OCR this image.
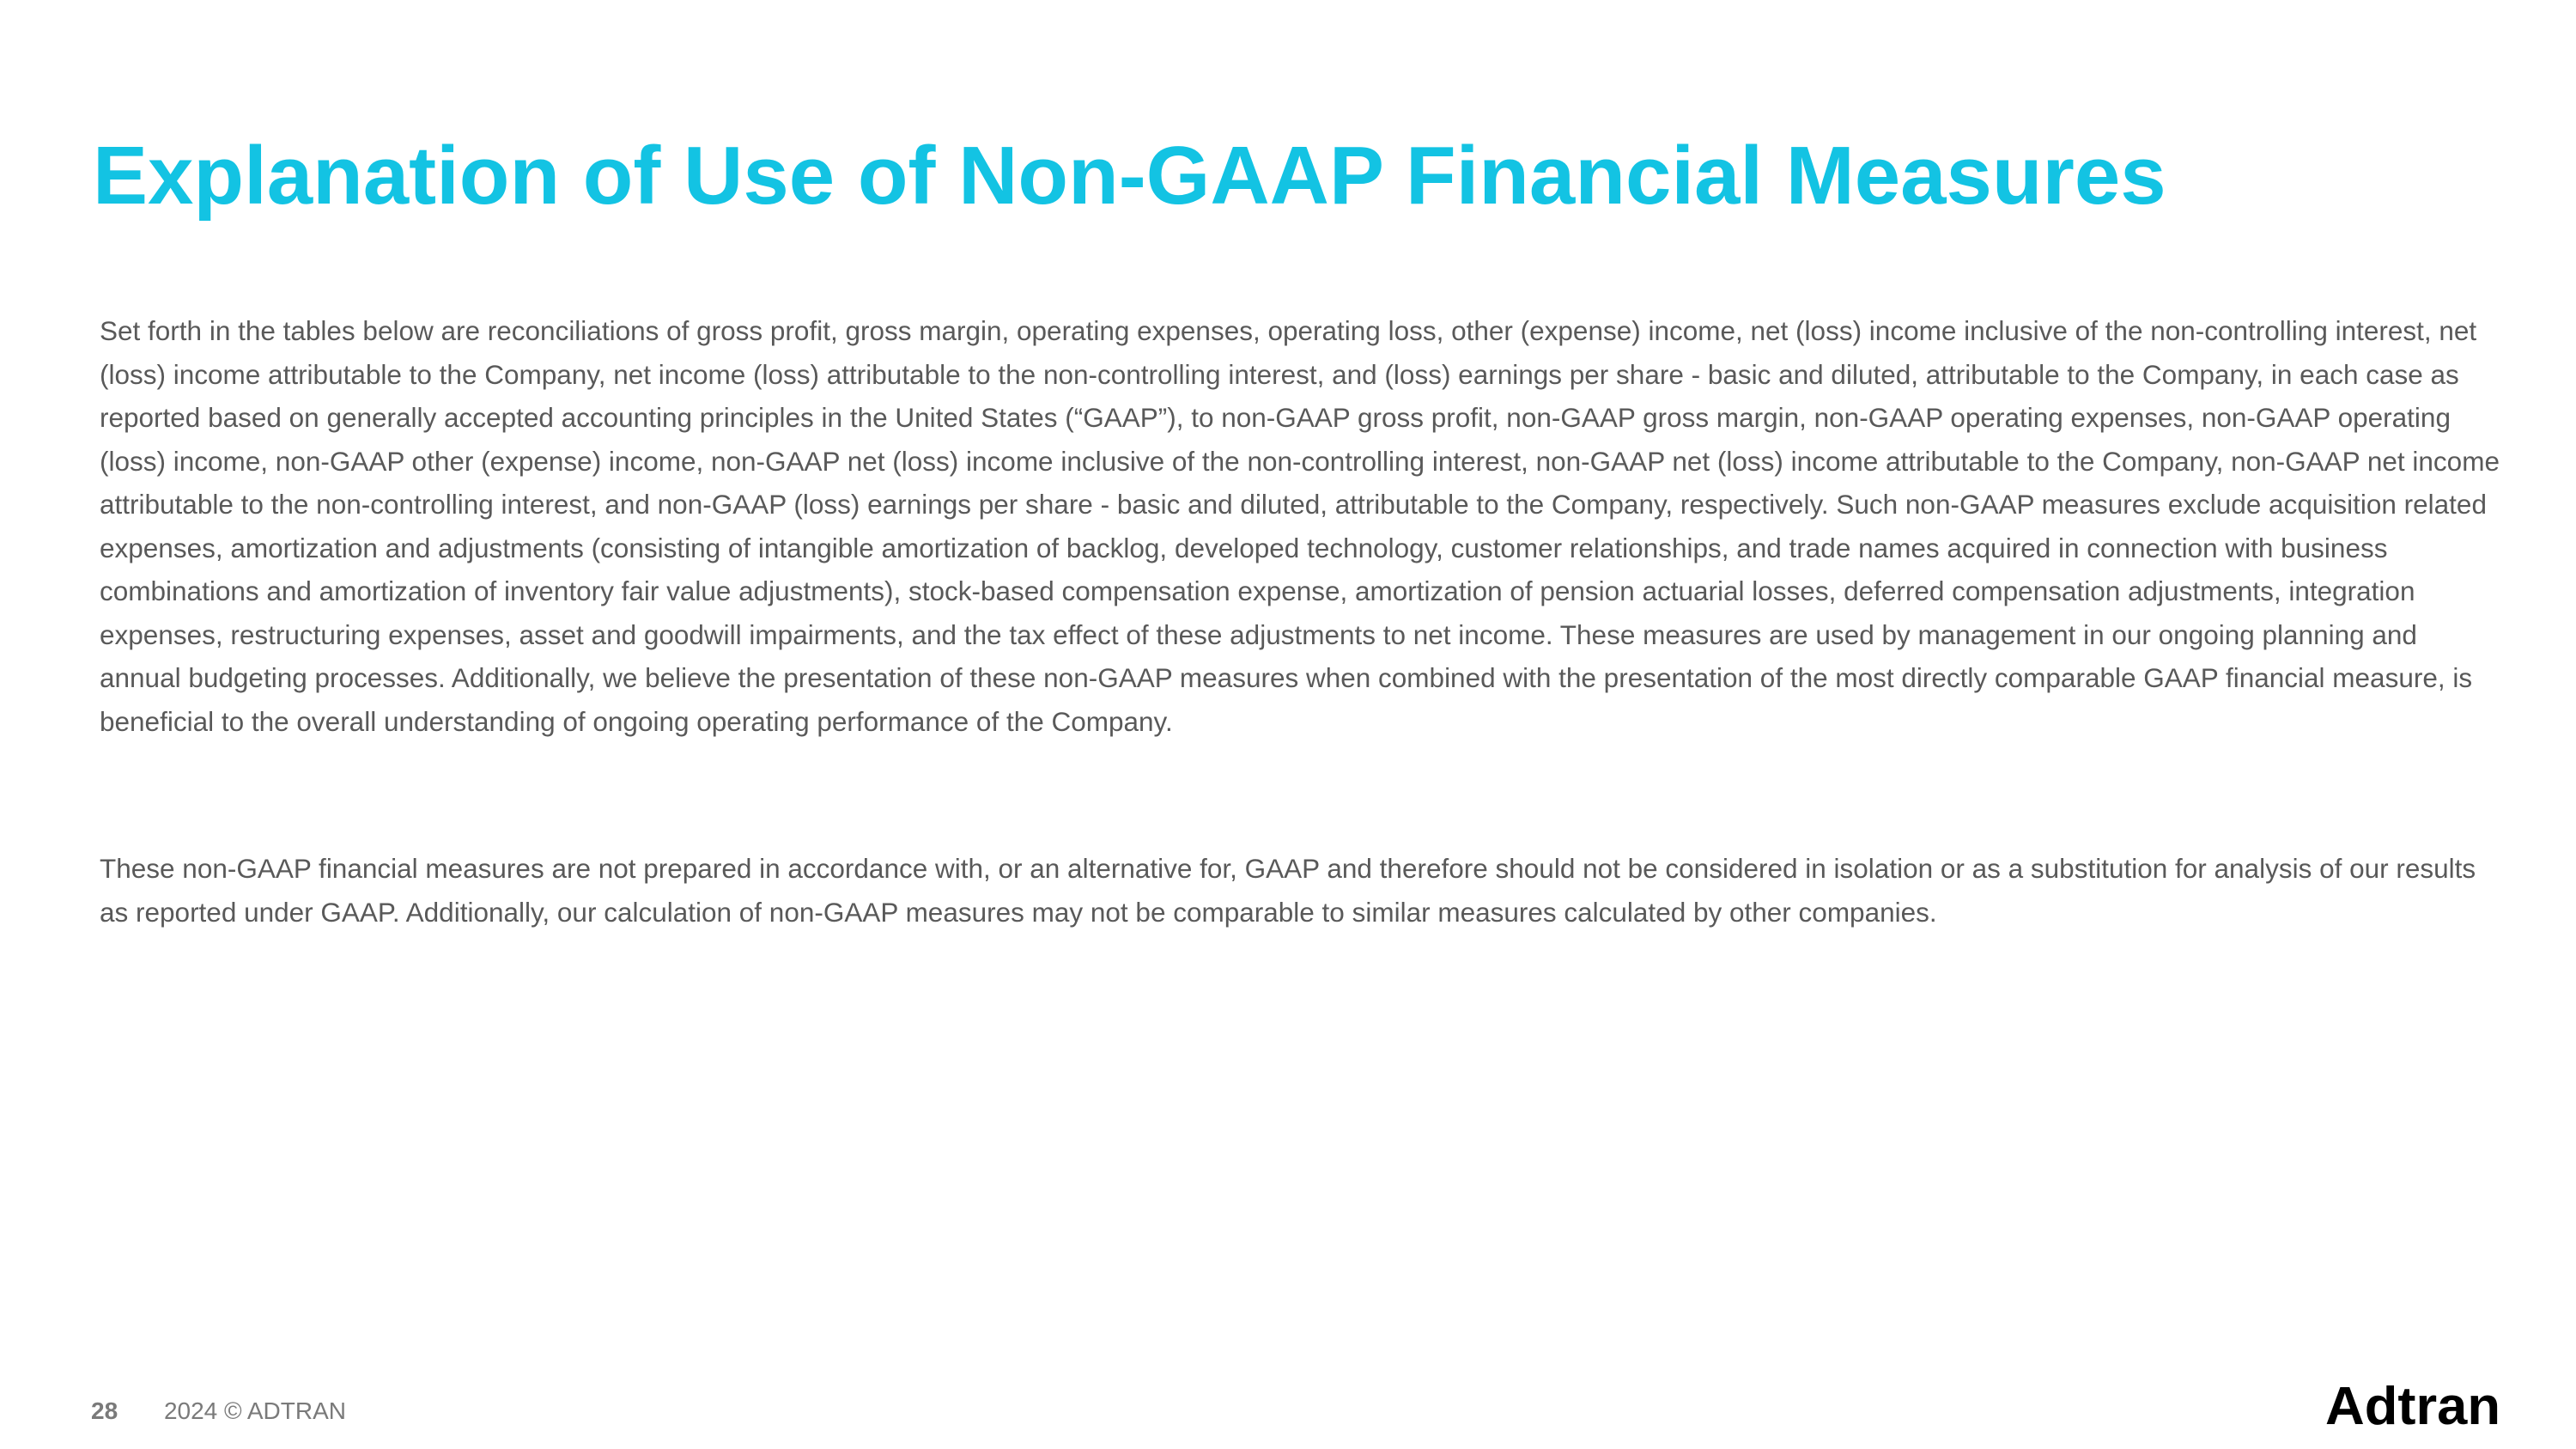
Explanation of Use of Non-GAAP Financial Measures

Set forth in the tables below are reconciliations of gross profit, gross margin, operating expenses, operating loss, other (expense) income, net (loss) income inclusive of the non-controlling interest, net (loss) income attributable to the Company, net income (loss) attributable to the non-controlling interest, and (loss) earnings per share - basic and diluted, attributable to the Company, in each case as reported based on generally accepted accounting principles in the United States (“GAAP”), to non-GAAP gross profit, non-GAAP gross margin, non-GAAP operating expenses, non-GAAP operating (loss) income, non-GAAP other (expense) income, non-GAAP net (loss) income inclusive of the non-controlling interest, non-GAAP net (loss) income attributable to the Company, non-GAAP net income attributable to the non-controlling interest, and non-GAAP (loss) earnings per share - basic and diluted, attributable to the Company, respectively. Such non-GAAP measures exclude acquisition related expenses, amortization and adjustments (consisting of intangible amortization of backlog, developed technology, customer relationships, and trade names acquired in connection with business combinations and amortization of inventory fair value adjustments), stock-based compensation expense, amortization of pension actuarial losses, deferred compensation adjustments, integration expenses, restructuring expenses, asset and goodwill impairments, and the tax effect of these adjustments to net income. These measures are used by management in our ongoing planning and annual budgeting processes. Additionally, we believe the presentation of these non-GAAP measures when combined with the presentation of the most directly comparable GAAP financial measure, is beneficial to the overall understanding of ongoing operating performance of the Company.

These non-GAAP financial measures are not prepared in accordance with, or an alternative for, GAAP and therefore should not be considered in isolation or as a substitution for analysis of our results as reported under GAAP. Additionally, our calculation of non-GAAP measures may not be comparable to similar measures calculated by other companies.

28 2024 © ADTRAN	Adtran
